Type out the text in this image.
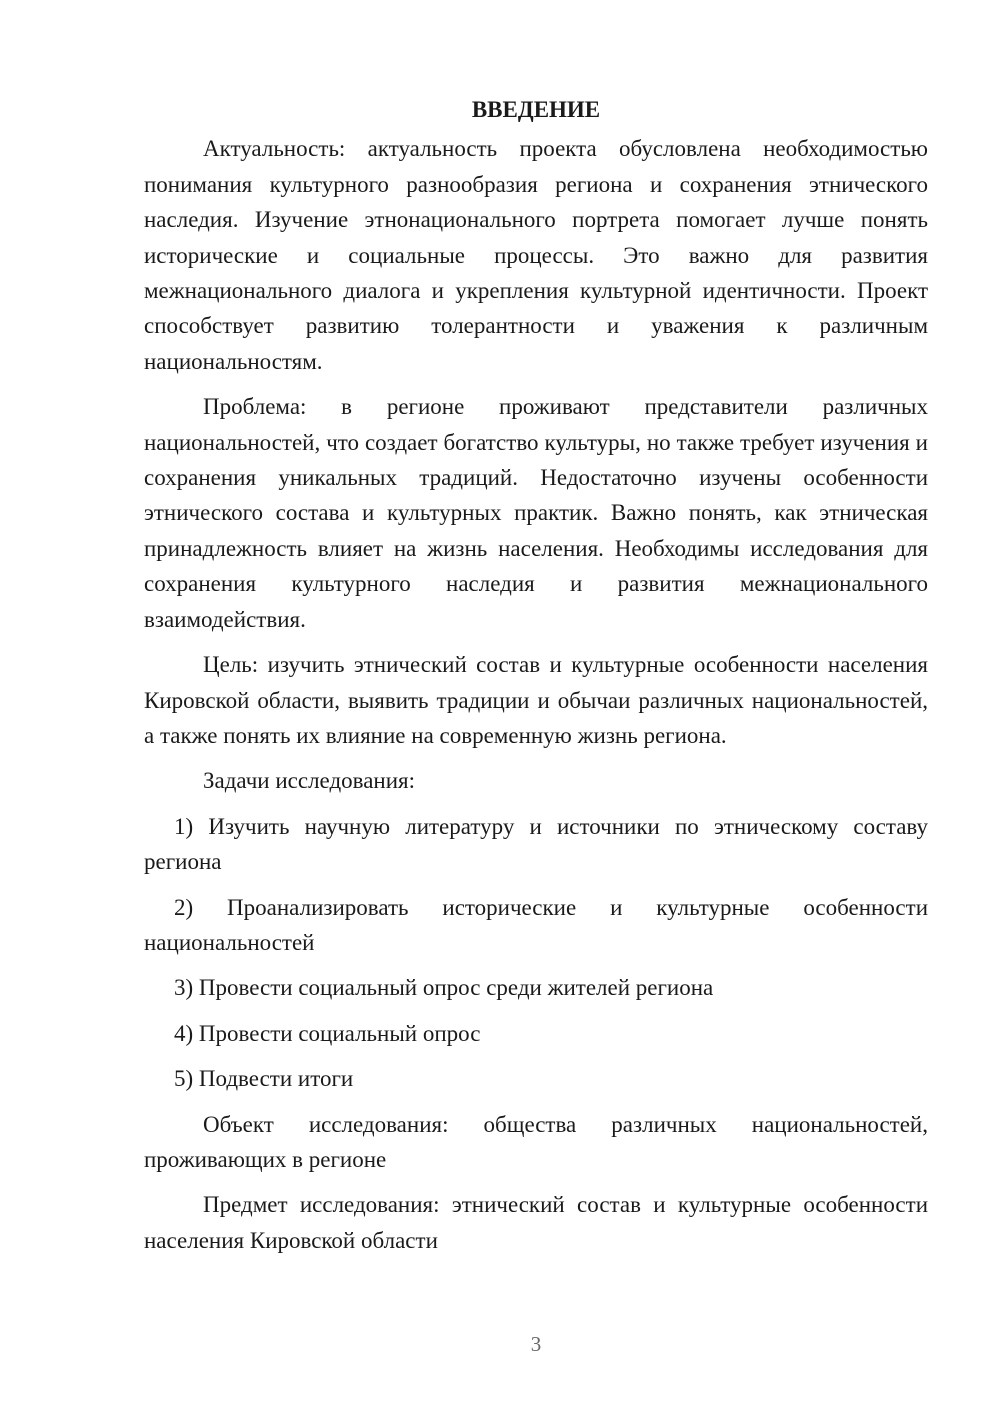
ВВЕДЕНИЕ

Актуальность: актуальность проекта обусловлена необходимостью понимания культурного разнообразия региона и сохранения этнического наследия. Изучение этнонационального портрета помогает лучше понять исторические и социальные процессы. Это важно для развития межнационального диалога и укрепления культурной идентичности. Проект способствует развитию толерантности и уважения к различным национальностям.

Проблема: в регионе проживают представители различных национальностей, что создает богатство культуры, но также требует изучения и сохранения уникальных традиций. Недостаточно изучены особенности этнического состава и культурных практик. Важно понять, как этническая принадлежность влияет на жизнь населения. Необходимы исследования для сохранения культурного наследия и развития межнационального взаимодействия.

Цель: изучить этнический состав и культурные особенности населения Кировской области, выявить традиции и обычаи различных национальностей, а также понять их влияние на современную жизнь региона.

Задачи исследования:

1) Изучить научную литературу и источники по этническому составу региона

2) Проанализировать исторические и культурные особенности национальностей

3) Провести социальный опрос среди жителей региона

4) Провести социальный опрос

5) Подвести итоги

Объект исследования: общества различных национальностей, проживающих в регионе

Предмет исследования: этнический состав и культурные особенности населения Кировской области

3
